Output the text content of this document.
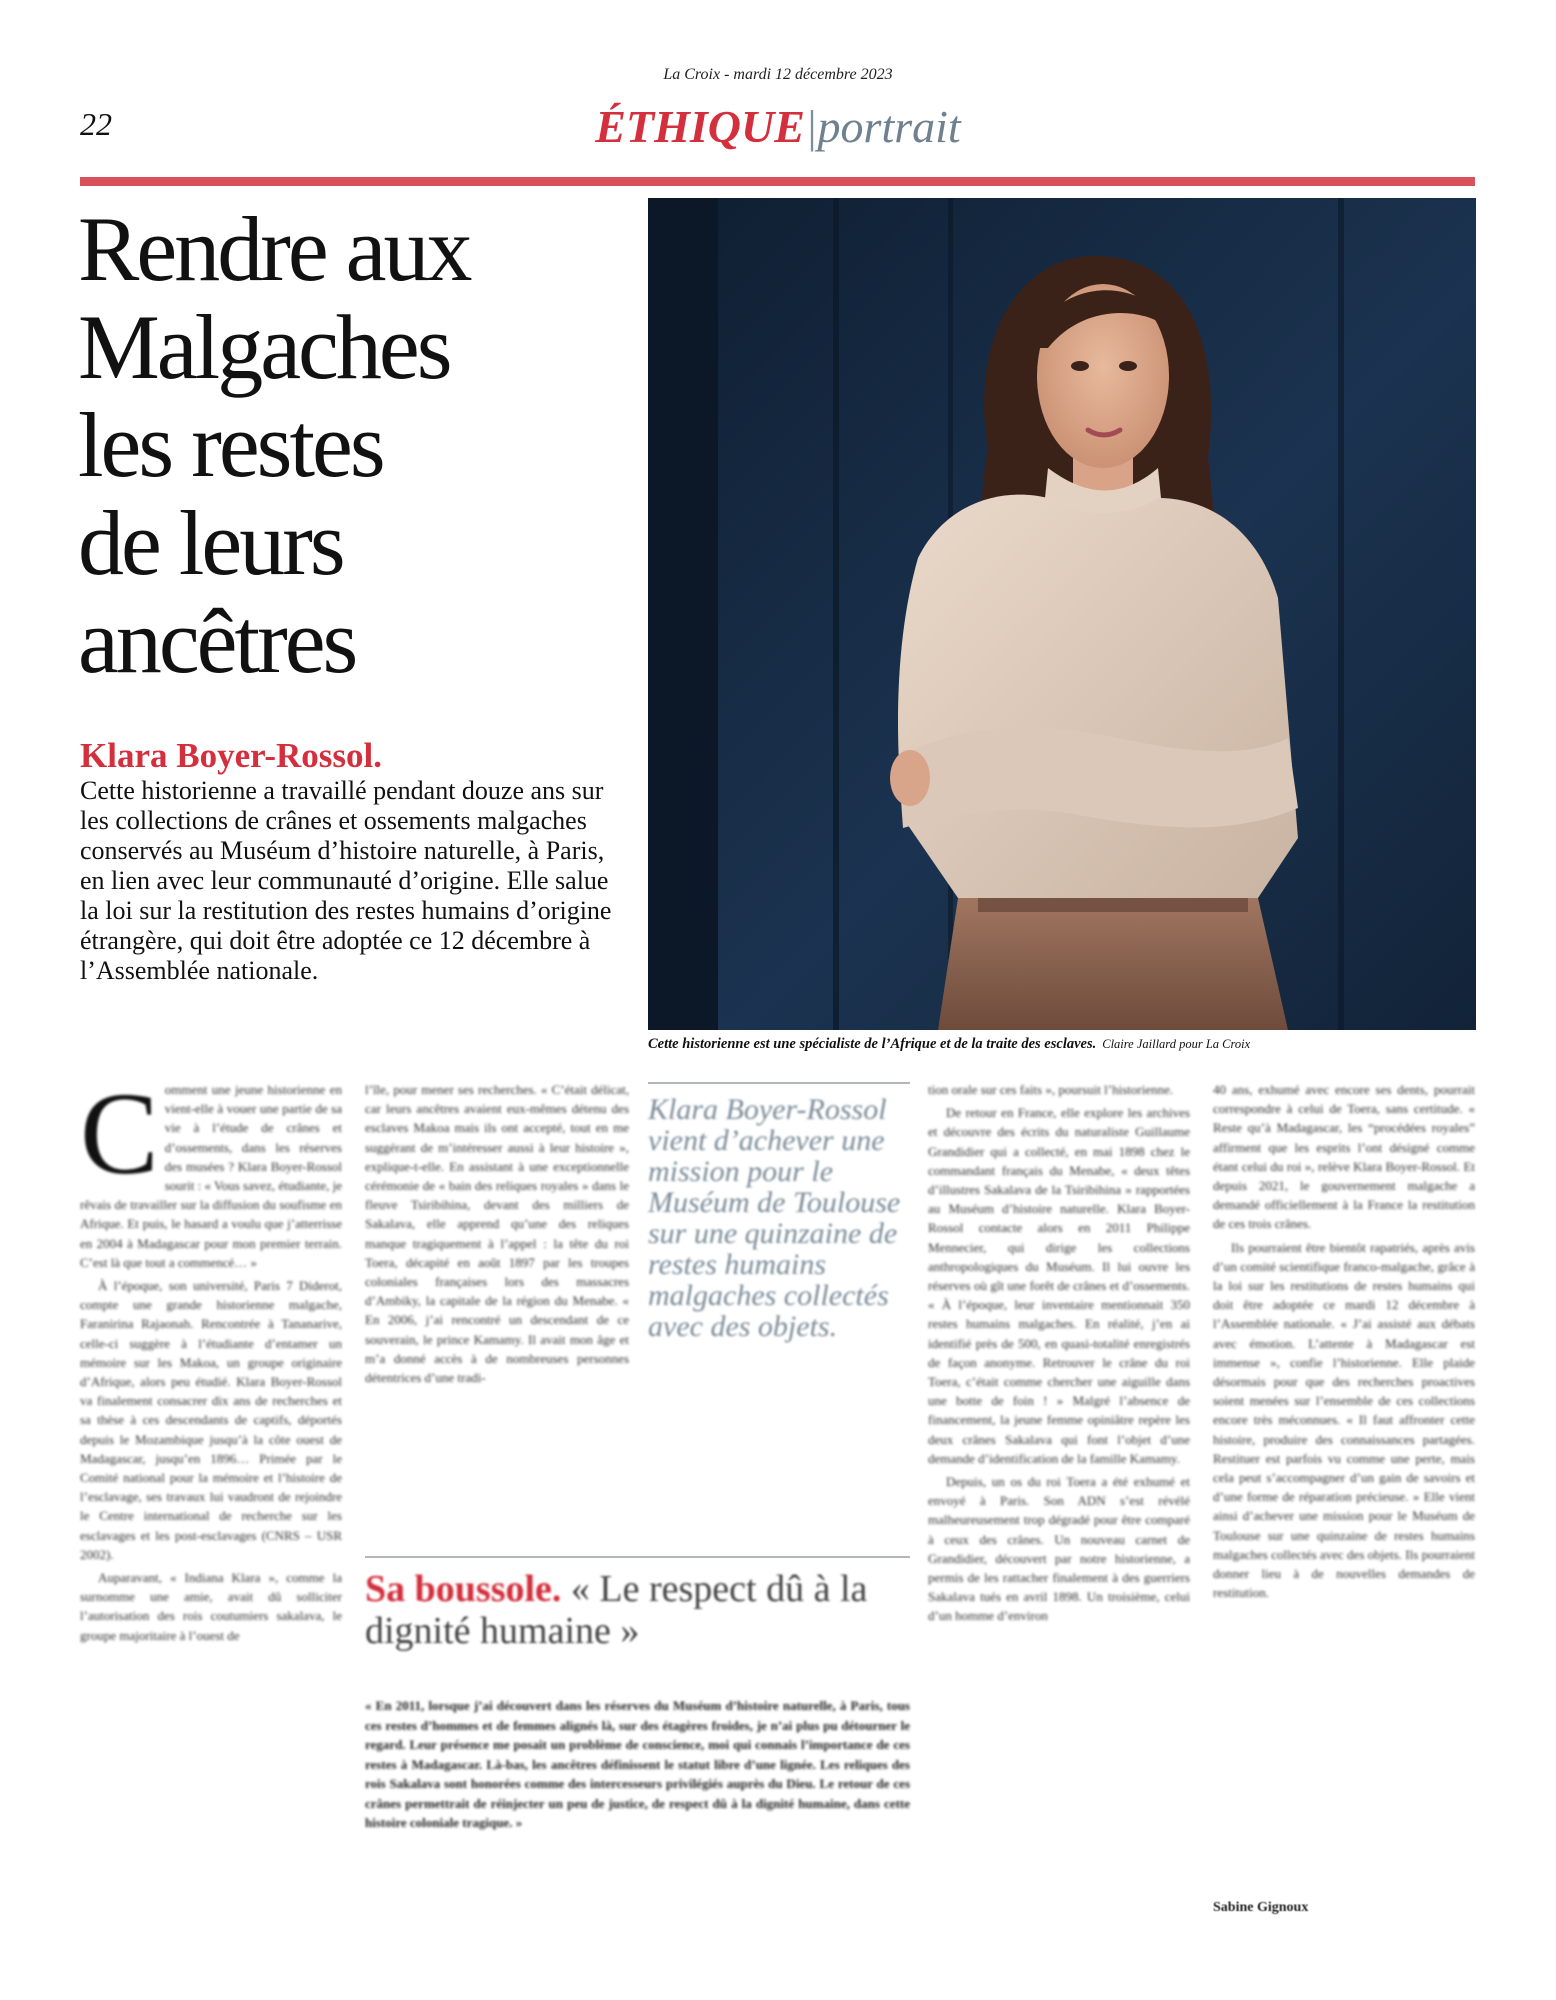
La Croix - mardi 12 décembre 2023
22	ÉTHIQUE|portrait
Rendre aux
Malgaches
les restes
de leurs
ancêtres
Klara Boyer-Rossol.
Cette historienne a travaillé pendant douze ans sur les collections de crânes et ossements malgaches conservés au Muséum d’histoire naturelle, à Paris, en lien avec leur communauté d’origine. Elle salue la loi sur la restitution des restes humains d’origine étrangère, qui doit être adoptée ce 12 décembre à l’Assemblée nationale.
Cette historienne est une spécialiste de l’Afrique et de la traite des esclaves. Claire Jaillard pour La Croix

Comment une jeune historienne en vient-elle à vouer une partie de sa vie à l’étude de crânes et d’ossements, dans les réserves des musées ? Klara Boyer-Rossol sourit : « Vous savez, étudiante, je rêvais de travailler sur la diffusion du soufisme en Afrique. Et puis, le hasard a voulu que j’atterrisse en 2004 à Madagascar pour mon premier terrain. C’est là que tout a commencé… »

À l’époque, son université, Paris 7 Diderot, compte une grande historienne malgache, Faranirina Rajaonah. Rencontrée à Tananarive, celle-ci suggère à l’étudiante d’entamer un mémoire sur les Makoa, un groupe originaire d’Afrique, alors peu étudié. Klara Boyer-Rossol va finalement consacrer dix ans de recherches et sa thèse à ces descendants de captifs, déportés depuis le Mozambique jusqu’à la côte ouest de Madagascar, jusqu’en 1896… Primée par le Comité national pour la mémoire et l’histoire de l’esclavage, ses travaux lui vaudront de rejoindre le Centre international de recherche sur les esclavages et les post-esclavages (CNRS – USR 2002).

Auparavant, « Indiana Klara », comme la surnomme une amie, avait dû solliciter l’autorisation des rois coutumiers sakalava, le groupe majoritaire à l’ouest de

l’île, pour mener ses recherches. « C’était délicat, car leurs ancêtres avaient eux-mêmes détenu des esclaves Makoa mais ils ont accepté, tout en me suggérant de m’intéresser aussi à leur histoire », explique-t-elle. En assistant à une exceptionnelle cérémonie de « bain des reliques royales » dans le fleuve Tsiribihina, devant des milliers de Sakalava, elle apprend qu’une des reliques manque tragiquement à l’appel : la tête du roi Toera, décapité en août 1897 par les troupes coloniales françaises lors des massacres d’Ambiky, la capitale de la région du Menabe. « En 2006, j’ai rencontré un descendant de ce souverain, le prince Kamamy. Il avait mon âge et m’a donné accès à de nombreuses personnes détentrices d’une tradi-

Klara Boyer-Rossol vient d’achever une mission pour le Muséum de Toulouse sur une quinzaine de restes humains malgaches collectés avec des objets.
Sa boussole. « Le respect dû à la dignité humaine »
« En 2011, lorsque j’ai découvert dans les réserves du Muséum d’histoire naturelle, à Paris, tous ces restes d’hommes et de femmes alignés là, sur des étagères froides, je n’ai plus pu détourner le regard. Leur présence me posait un problème de conscience, moi qui connais l’importance de ces restes à Madagascar. Là-bas, les ancêtres définissent le statut libre d’une lignée. Les reliques des rois Sakalava sont honorées comme des intercesseurs privilégiés auprès du Dieu. Le retour de ces crânes permettrait de réinjecter un peu de justice, de respect dû à la dignité humaine, dans cette histoire coloniale tragique. »

tion orale sur ces faits », poursuit l’historienne.

De retour en France, elle explore les archives et découvre des écrits du naturaliste Guillaume Grandidier qui a collecté, en mai 1898 chez le commandant français du Menabe, « deux têtes d’illustres Sakalava de la Tsiribihina » rapportées au Muséum d’histoire naturelle. Klara Boyer-Rossol contacte alors en 2011 Philippe Mennecier, qui dirige les collections anthropologiques du Muséum. Il lui ouvre les réserves où gît une forêt de crânes et d’ossements. « À l’époque, leur inventaire mentionnait 350 restes humains malgaches. En réalité, j’en ai identifié près de 500, en quasi-totalité enregistrés de façon anonyme. Retrouver le crâne du roi Toera, c’était comme chercher une aiguille dans une botte de foin ! » Malgré l’absence de financement, la jeune femme opiniâtre repère les deux crânes Sakalava qui font l’objet d’une demande d’identification de la famille Kamamy.

Depuis, un os du roi Toera a été exhumé et envoyé à Paris. Son ADN s’est révélé malheureusement trop dégradé pour être comparé à ceux des crânes. Un nouveau carnet de Grandidier, découvert par notre historienne, a permis de les rattacher finalement à des guerriers Sakalava tués en avril 1898. Un troisième, celui d’un homme d’environ

40 ans, exhumé avec encore ses dents, pourrait correspondre à celui de Toera, sans certitude. « Reste qu’à Madagascar, les “procédées royales” affirment que les esprits l’ont désigné comme étant celui du roi », relève Klara Boyer-Rossol. Et depuis 2021, le gouvernement malgache a demandé officiellement à la France la restitution de ces trois crânes.

Ils pourraient être bientôt rapatriés, après avis d’un comité scientifique franco-malgache, grâce à la loi sur les restitutions de restes humains qui doit être adoptée ce mardi 12 décembre à l’Assemblée nationale. « J’ai assisté aux débats avec émotion. L’attente à Madagascar est immense », confie l’historienne. Elle plaide désormais pour que des recherches proactives soient menées sur l’ensemble de ces collections encore très méconnues. « Il faut affronter cette histoire, produire des connaissances partagées. Restituer est parfois vu comme une perte, mais cela peut s’accompagner d’un gain de savoirs et d’une forme de réparation précieuse. » Elle vient ainsi d’achever une mission pour le Muséum de Toulouse sur une quinzaine de restes humains malgaches collectés avec des objets. Ils pourraient donner lieu à de nouvelles demandes de restitution.

Sabine Gignoux
